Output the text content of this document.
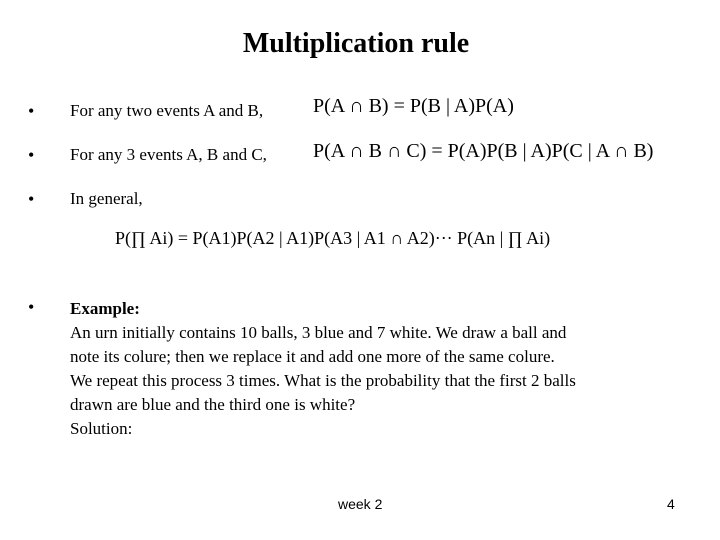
Multiplication rule
• For any two events A and B, P(A ∩ B) = P(B | A)P(A)
• For any 3 events A, B and C, P(A ∩ B ∩ C) = P(A)P(B | A)P(C | A ∩ B)
• In general,
P(∏ Ai) = P(A1)P(A2 | A1)P(A3 | A1 ∩ A2)··· P(An | ∏ Ai)
• Example:
An urn initially contains 10 balls, 3 blue and 7 white. We draw a ball and
note its colure; then we replace it and add one more of the same colure.
We repeat this process 3 times. What is the probability that the first 2 balls
drawn are blue and the third one is white?
Solution:
week 2	4
